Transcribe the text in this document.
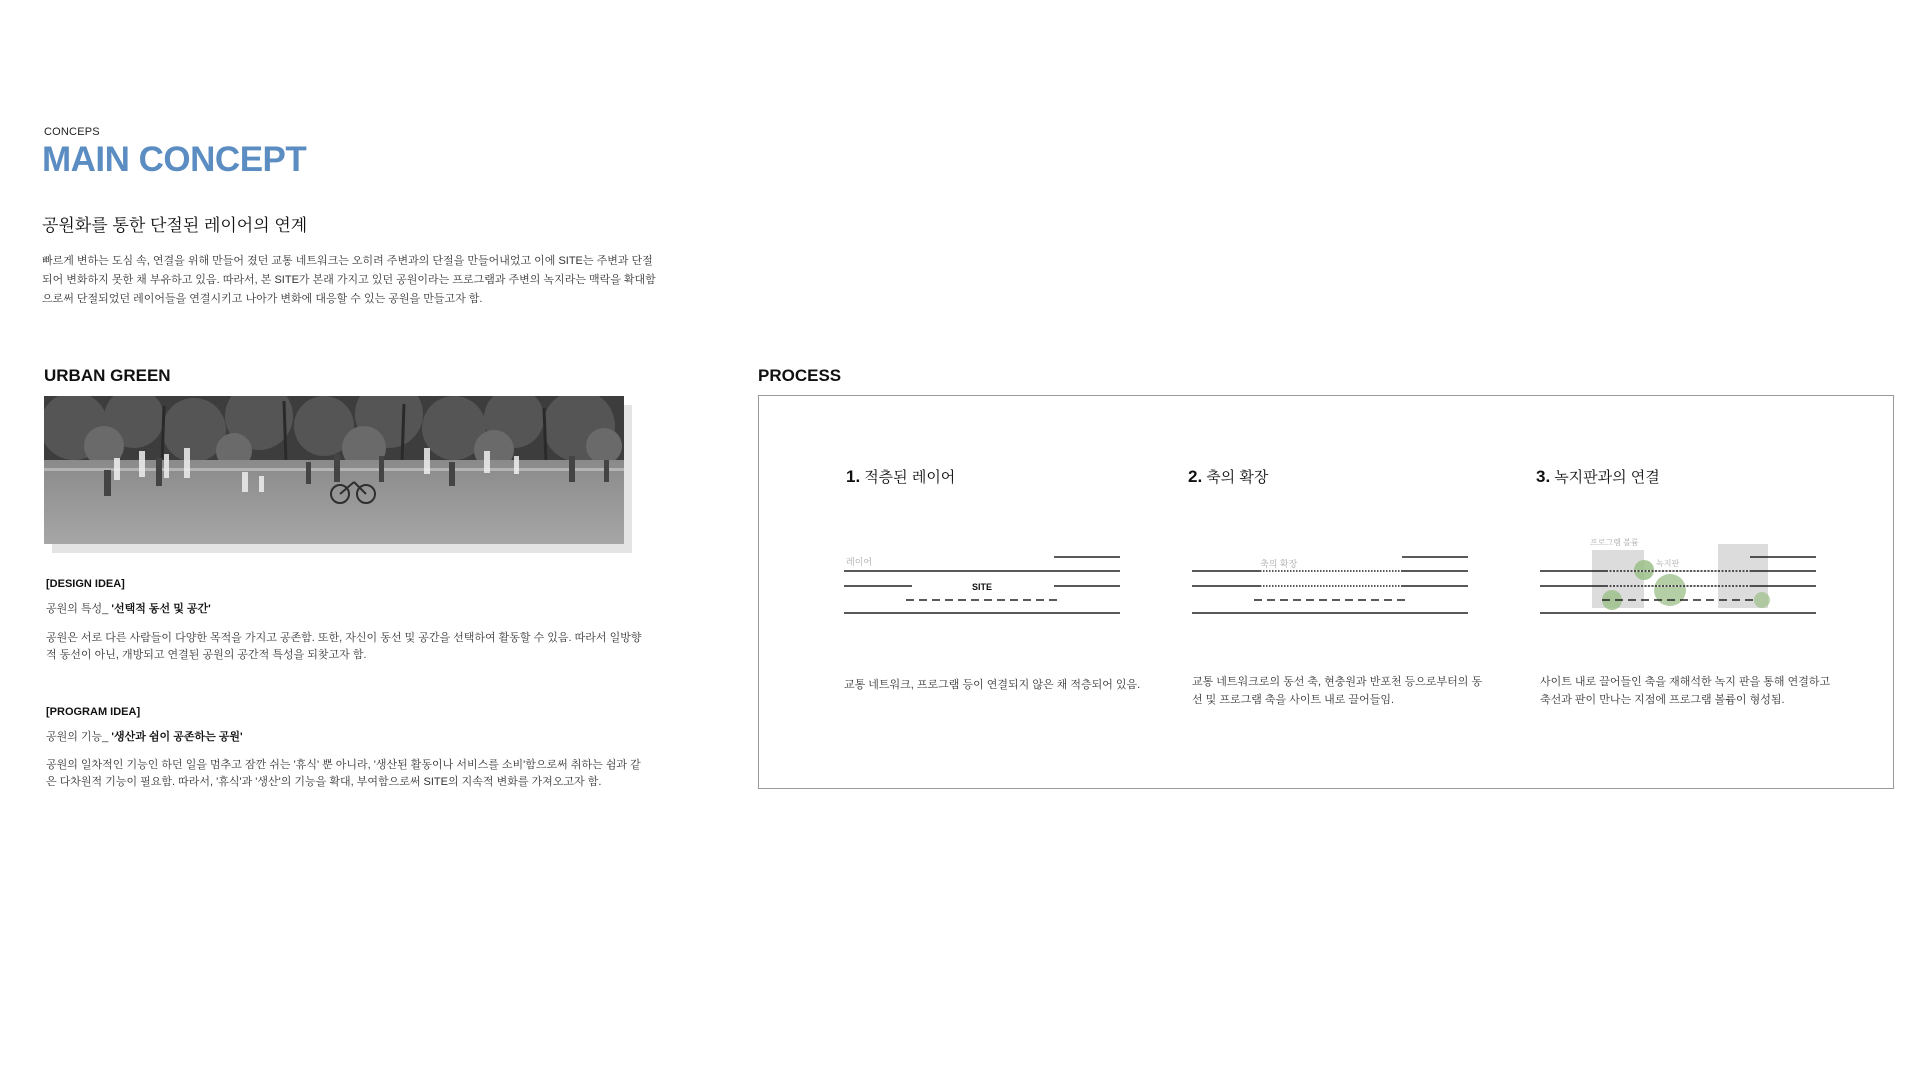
CONCEPS
MAIN CONCEPT
공원화를 통한 단절된 레이어의 연계
빠르게 변하는 도심 속, 연결을 위해 만들어 졌던 교통 네트워크는 오히려 주변과의 단절을 만들어내었고 이에 SITE는 주변과 단절되어 변화하지 못한 채 부유하고 있음. 따라서, 본 SITE가 본래 가지고 있던 공원이라는 프로그램과 주변의 녹지라는 맥락을 확대함으로써 단절되었던 레이어들을 연결시키고 나아가 변화에 대응할 수 있는 공원을 만들고자 함.
URBAN GREEN
[DESIGN IDEA]
공원의 특성_ '선택적 동선 및 공간'
공원은 서로 다른 사람들이 다양한 목적을 가지고 공존함. 또한, 자신이 동선 및 공간을 선택하여 활동할 수 있음. 따라서 일방향적 동선이 아닌, 개방되고 연결된 공원의 공간적 특성을 되찾고자 함.
[PROGRAM IDEA]
공원의 기능_ '생산과 쉼이 공존하는 공원'
공원의 일차적인 기능인 하던 일을 멈추고 잠깐 쉬는 '휴식' 뿐 아니라, '생산된 활동이나 서비스를 소비'함으로써 취하는 쉼과 같은 다차원적 기능이 필요함. 따라서, '휴식'과 '생산'의 기능을 확대, 부여함으로써 SITE의 지속적 변화를 가져오고자 함.
PROCESS
1. 적층된 레이어
레이어
SITE
교통 네트워크, 프로그램 등이 연결되지 않은 채 적층되어 있음.
2. 축의 확장
축의 확장
교통 네트워크로의 동선 축, 현충원과 반포천 등으로부터의 동선 및 프로그램 축을 사이트 내로 끌어들임.
3. 녹지판과의 연결
프로그램 볼륨
녹지판
사이트 내로 끌어들인 축을 재해석한 녹지 판을 통해 연결하고 축선과 판이 만나는 지점에 프로그램 볼륨이 형성됨.
